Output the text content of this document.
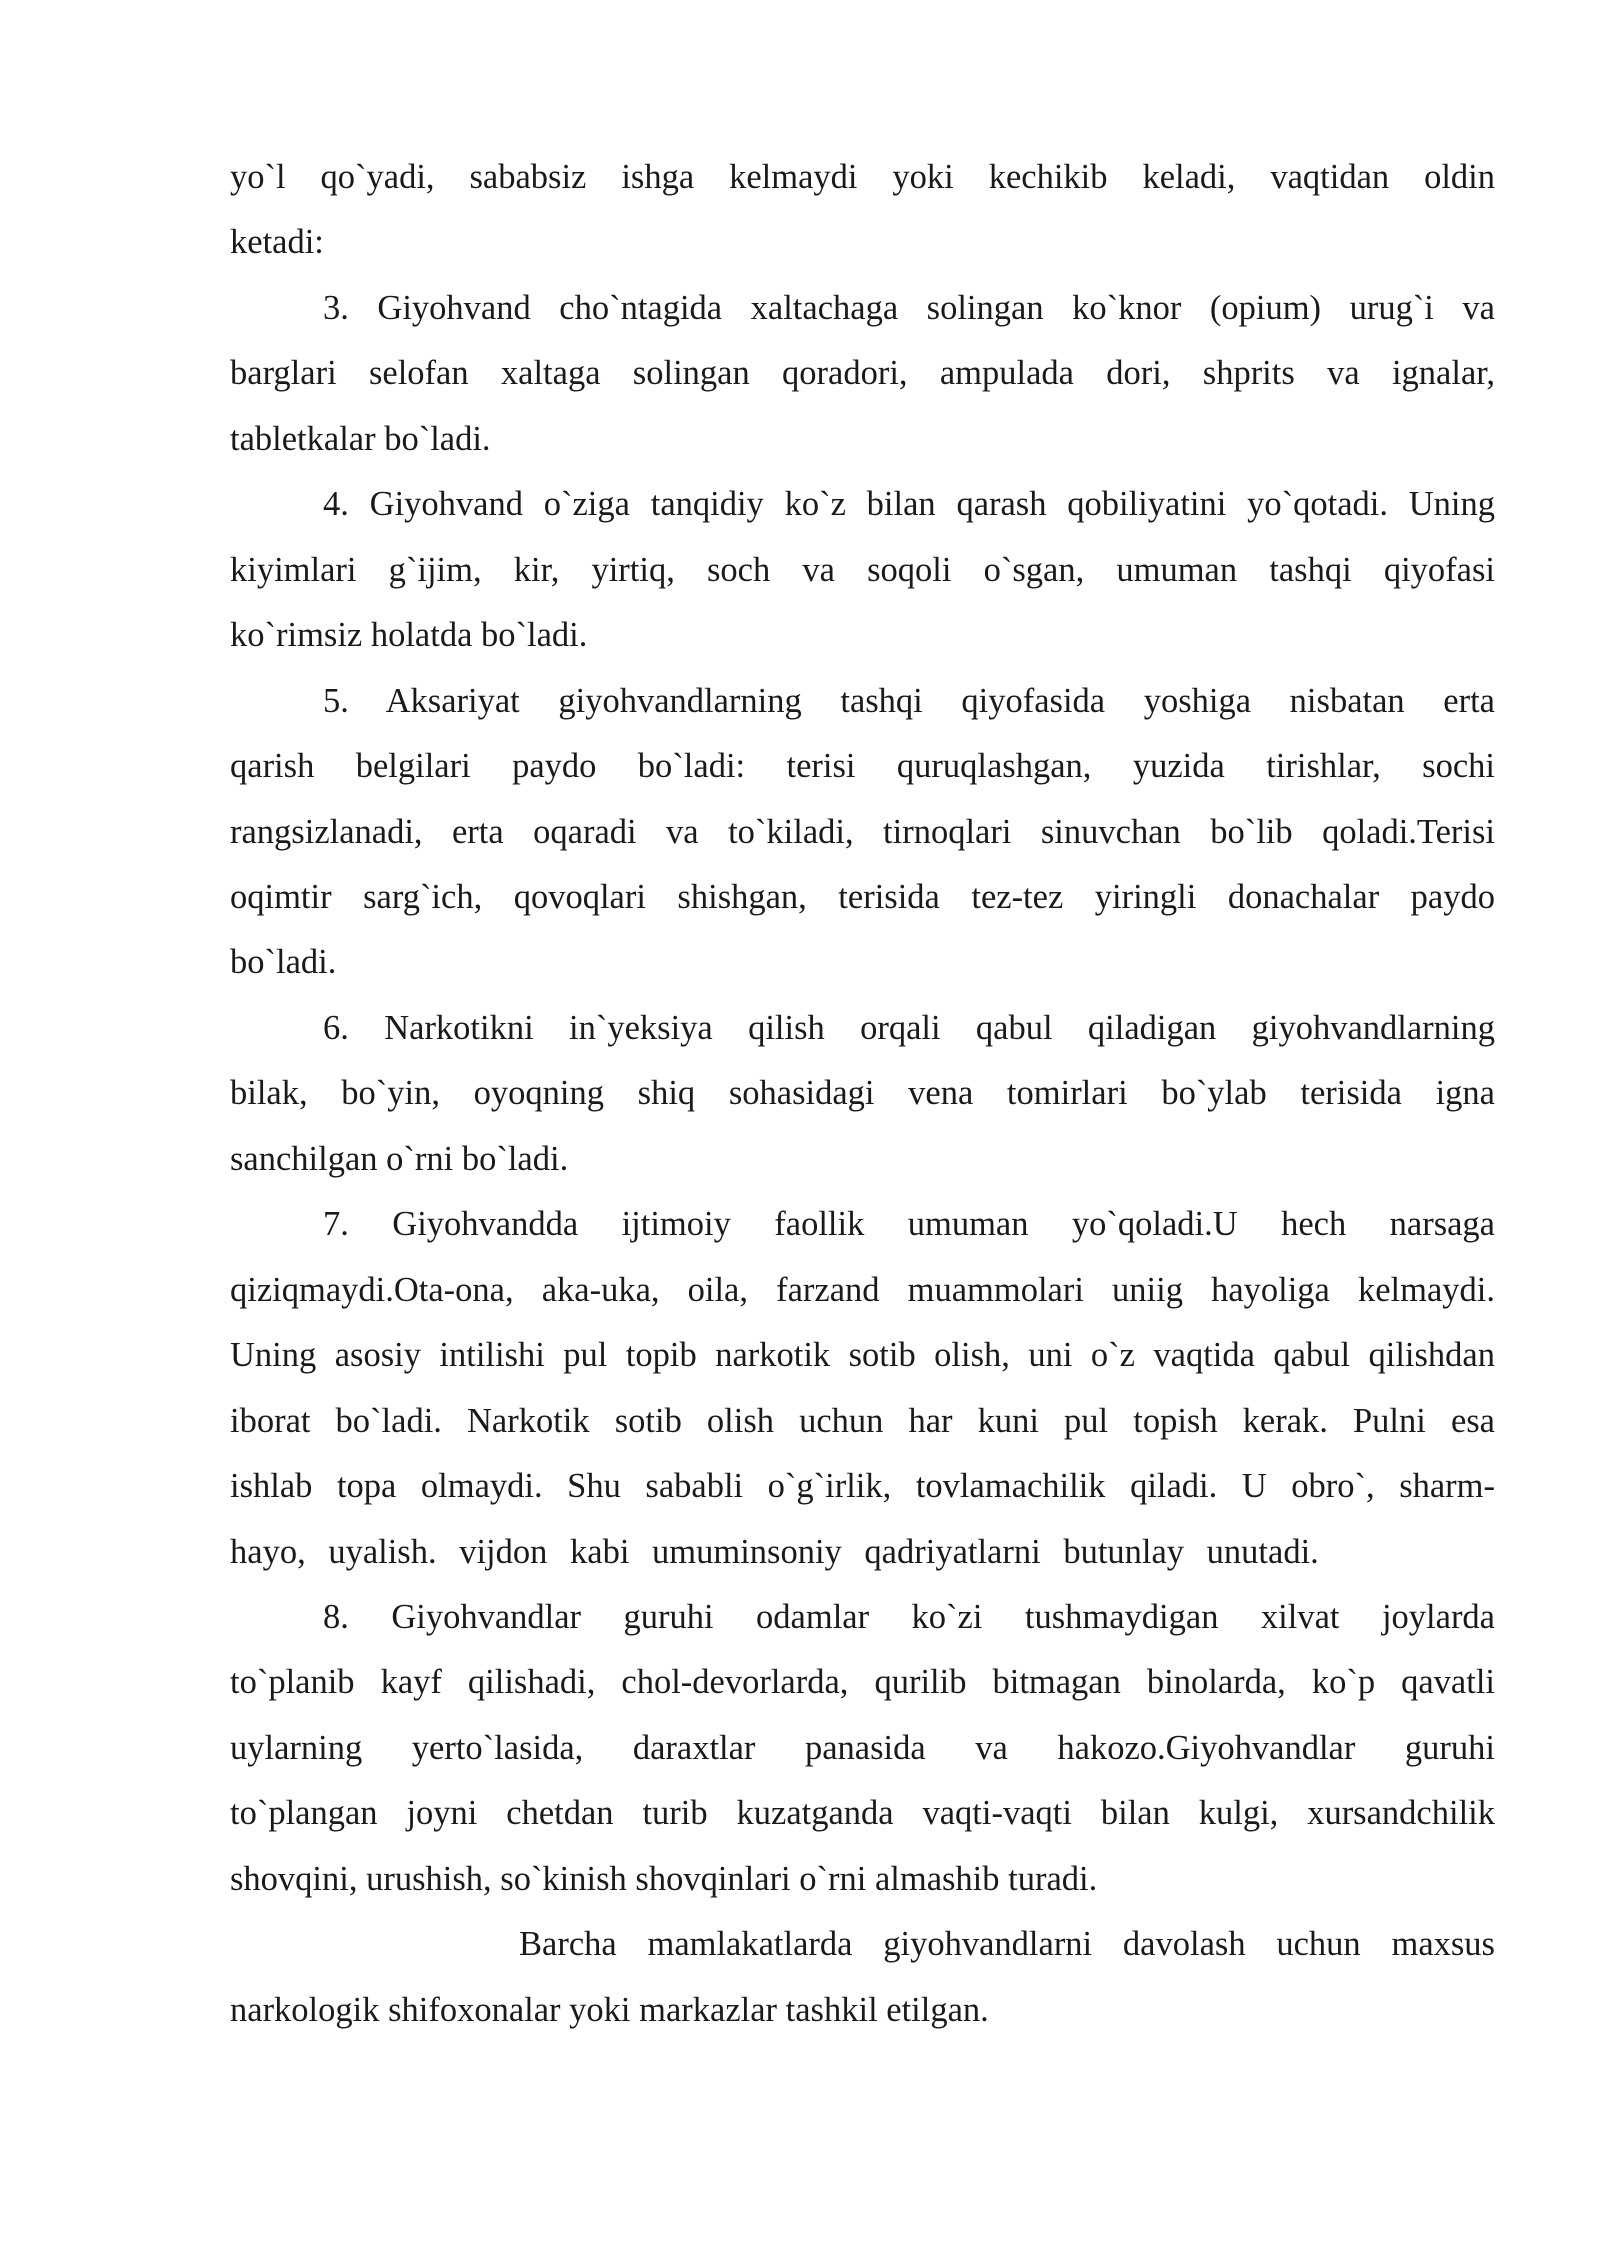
yo`l qo`yadi, sababsiz ishga kelmaydi yoki kechikib keladi, vaqtidan oldin
ketadi:
3. Giyohvand cho`ntagida xaltachaga solingan ko`knor (opium) urug`i va
barglari selofan xaltaga solingan qoradori, ampulada dori, shprits va ignalar,
tabletkalar bo`ladi.
4. Giyohvand o`ziga tanqidiy ko`z bilan qarash qobiliyatini yo`qotadi. Uning
kiyimlari g`ijim, kir, yirtiq, soch va soqoli o`sgan, umuman tashqi qiyofasi
ko`rimsiz holatda bo`ladi.
5. Aksariyat giyohvandlarning tashqi qiyofasida yoshiga nisbatan erta
qarish belgilari paydo bo`ladi: terisi quruqlashgan, yuzida tirishlar, sochi
rangsizlanadi, erta oqaradi va to`kiladi, tirnoqlari sinuvchan bo`lib qoladi.Terisi
oqimtir sarg`ich, qovoqlari shishgan, terisida tez-tez yiringli donachalar paydo
bo`ladi.
6. Narkotikni in`yeksiya qilish orqali qabul qiladigan giyohvandlarning
bilak, bo`yin, oyoqning shiq sohasidagi vena tomirlari bo`ylab terisida igna
sanchilgan o`rni bo`ladi.
7. Giyohvandda ijtimoiy faollik umuman yo`qoladi.U hech narsaga
qiziqmaydi.Ota-ona, aka-uka, oila, farzand muammolari uniig hayoliga kelmaydi.
Uning asosiy intilishi pul topib narkotik sotib olish, uni o`z vaqtida qabul qilishdan
iborat bo`ladi. Narkotik sotib olish uchun har kuni pul topish kerak. Pulni esa
ishlab topa olmaydi. Shu sababli o`g`irlik, tovlamachilik qiladi. U obro`, sharm-
hayo, uyalish. vijdon kabi umuminsoniy qadriyatlarni butunlay unutadi.
8. Giyohvandlar guruhi odamlar ko`zi tushmaydigan xilvat joylarda
to`planib kayf qilishadi, chol-devorlarda, qurilib bitmagan binolarda, ko`p qavatli
uylarning yerto`lasida, daraxtlar panasida va hakozo.Giyohvandlar guruhi
to`plangan joyni chetdan turib kuzatganda vaqti-vaqti bilan kulgi, xursandchilik
shovqini, urushish, so`kinish shovqinlari o`rni almashib turadi.
Barcha mamlakatlarda giyohvandlarni davolash uchun maxsus
narkologik shifoxonalar yoki markazlar tashkil etilgan.
